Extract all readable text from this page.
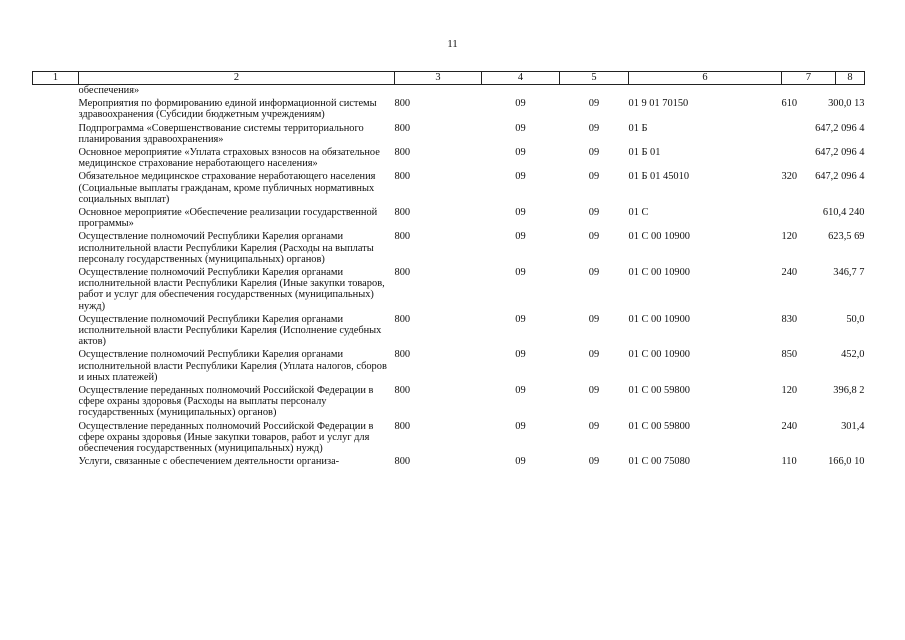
11
1	2	3	4	5	6	7	8
	обеспечения»						
	Мероприятия по формированию единой информационной системы здравоохранения (Субсидии бюджетным учреждениям)	800	09	09	01 9 01 70150	610	13 300,0
	Подпрограмма «Совершенствование системы территориального планирования здравоохранения»	800	09	09	01 Б		4 096 647,2
	Основное мероприятие «Уплата страховых взносов на обязательное медицинское страхование неработающего населения»	800	09	09	01 Б 01		4 096 647,2
	Обязательное медицинское страхование неработающего населения (Социальные выплаты гражданам, кроме публичных нормативных социальных выплат)	800	09	09	01 Б 01 45010	320	4 096 647,2
	Основное мероприятие «Обеспечение реализации государственной программы»	800	09	09	01 С		240 610,4
	Осуществление полномочий Республики Карелия органами исполнительной власти Республики Карелия (Расходы на выплаты персоналу государственных (муниципальных) органов)	800	09	09	01 С 00 10900	120	69 623,5
	Осуществление полномочий Республики Карелия органами исполнительной власти Республики Карелия (Иные закупки товаров, работ и услуг для обеспечения государственных (муниципальных) нужд)	800	09	09	01 С 00 10900	240	7 346,7
	Осуществление полномочий Республики Карелия органами исполнительной власти Республики Карелия (Исполнение судебных актов)	800	09	09	01 С 00 10900	830	50,0
	Осуществление полномочий Республики Карелия органами исполнительной власти Республики Карелия (Уплата налогов, сборов и иных платежей)	800	09	09	01 С 00 10900	850	452,0
	Осуществление переданных полномочий Российской Федерации в сфере охраны здоровья (Расходы на выплаты персоналу государственных (муниципальных) органов)	800	09	09	01 С 00 59800	120	2 396,8
	Осуществление переданных полномочий Российской Федерации в сфере охраны здоровья (Иные закупки товаров, работ и услуг для обеспечения государственных (муниципальных) нужд)	800	09	09	01 С 00 59800	240	301,4
	Услуги, связанные с обеспечением деятельности организа-	800	09	09	01 С 00 75080	110	10 166,0
